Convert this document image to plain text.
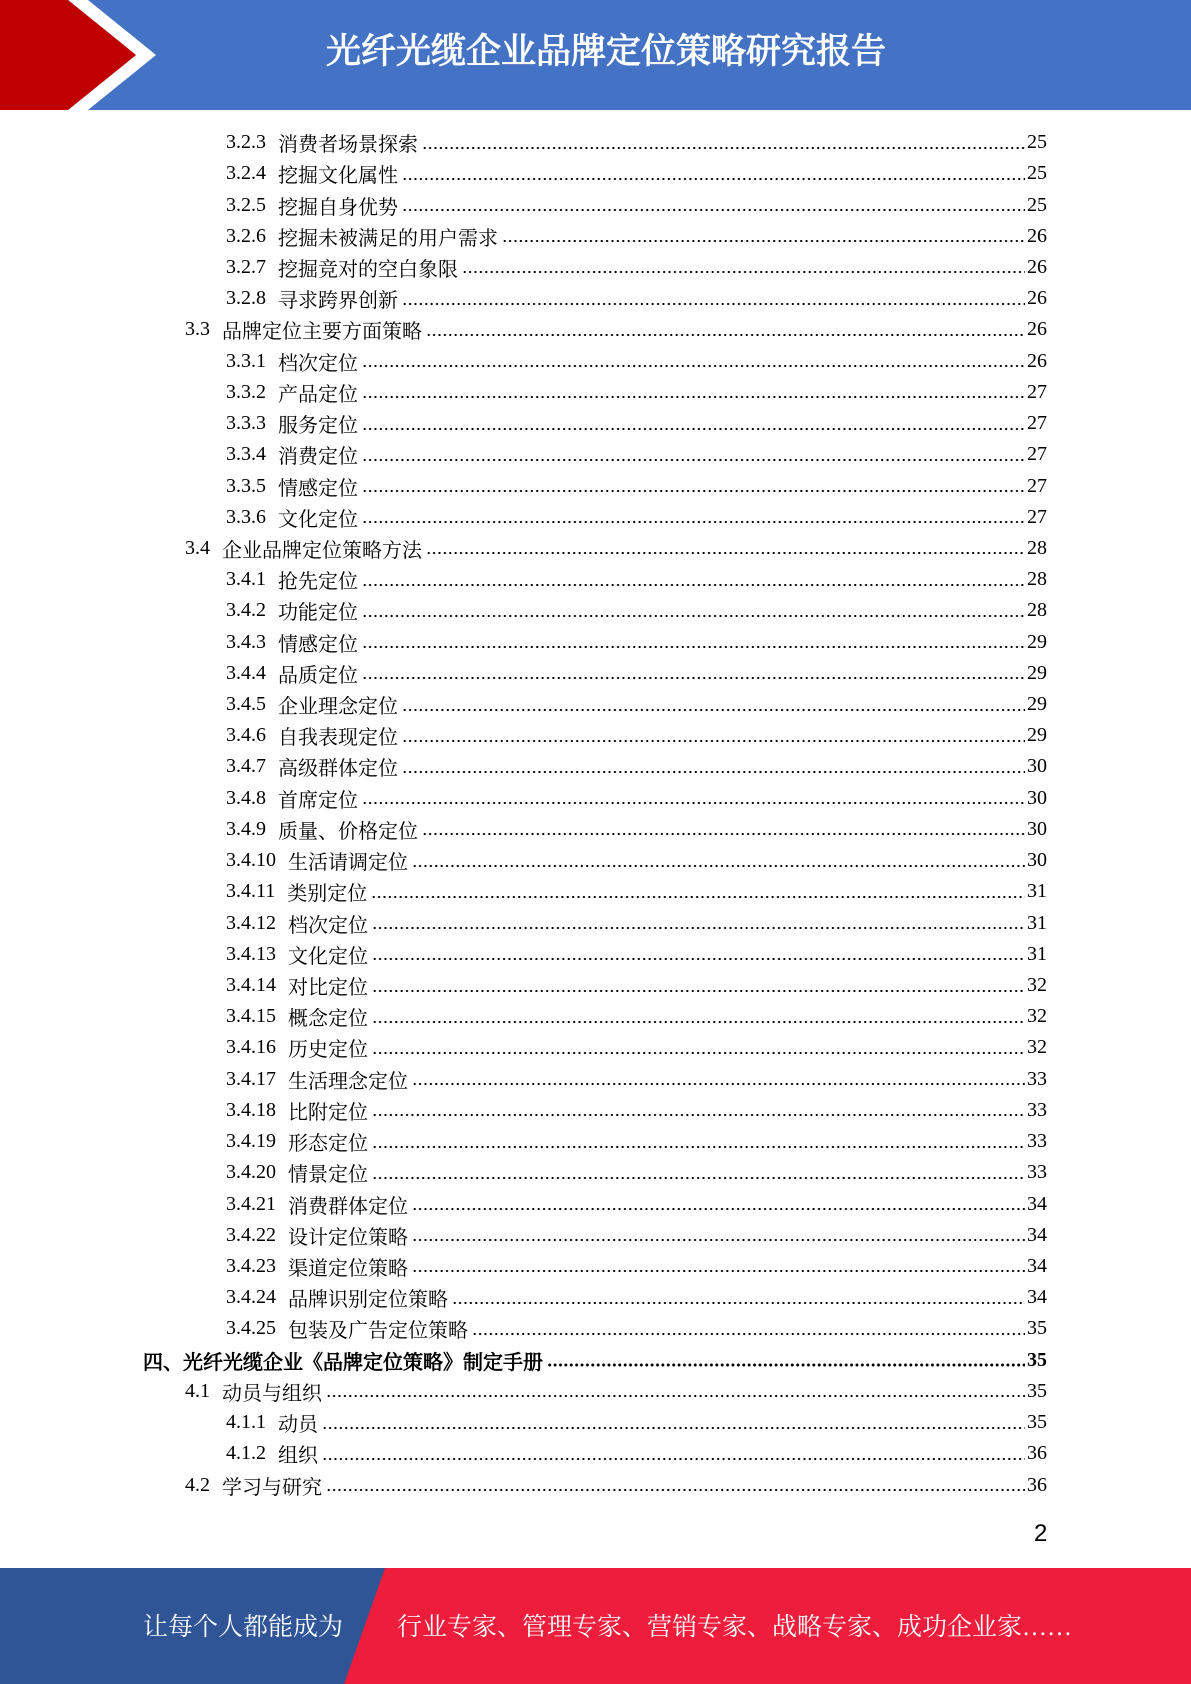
光纤光缆企业品牌定位策略研究报告
3.2.3 消费者场景探索	25
3.2.4 挖掘文化属性	25
3.2.5 挖掘自身优势	25
3.2.6 挖掘未被满足的用户需求	26
3.2.7 挖掘竞对的空白象限	26
3.2.8 寻求跨界创新	26
3.3 品牌定位主要方面策略	26
3.3.1 档次定位	26
3.3.2 产品定位	27
3.3.3 服务定位	27
3.3.4 消费定位	27
3.3.5 情感定位	27
3.3.6 文化定位	27
3.4 企业品牌定位策略方法	28
3.4.1 抢先定位	28
3.4.2 功能定位	28
3.4.3 情感定位	29
3.4.4 品质定位	29
3.4.5 企业理念定位	29
3.4.6 自我表现定位	29
3.4.7 高级群体定位	30
3.4.8 首席定位	30
3.4.9 质量、价格定位	30
3.4.10 生活请调定位	30
3.4.11 类别定位	31
3.4.12 档次定位	31
3.4.13 文化定位	31
3.4.14 对比定位	32
3.4.15 概念定位	32
3.4.16 历史定位	32
3.4.17 生活理念定位	33
3.4.18 比附定位	33
3.4.19 形态定位	33
3.4.20 情景定位	33
3.4.21 消费群体定位	34
3.4.22 设计定位策略	34
3.4.23 渠道定位策略	34
3.4.24 品牌识别定位策略	34
3.4.25 包装及广告定位策略	35
四、 光纤光缆企业《品牌定位策略》制定手册	35
4.1 动员与组织	35
4.1.1 动员	35
4.1.2 组织	36
4.2 学习与研究	36
2
让每个人都能成为 行业专家、管理专家、营销专家、战略专家、成功企业家……
